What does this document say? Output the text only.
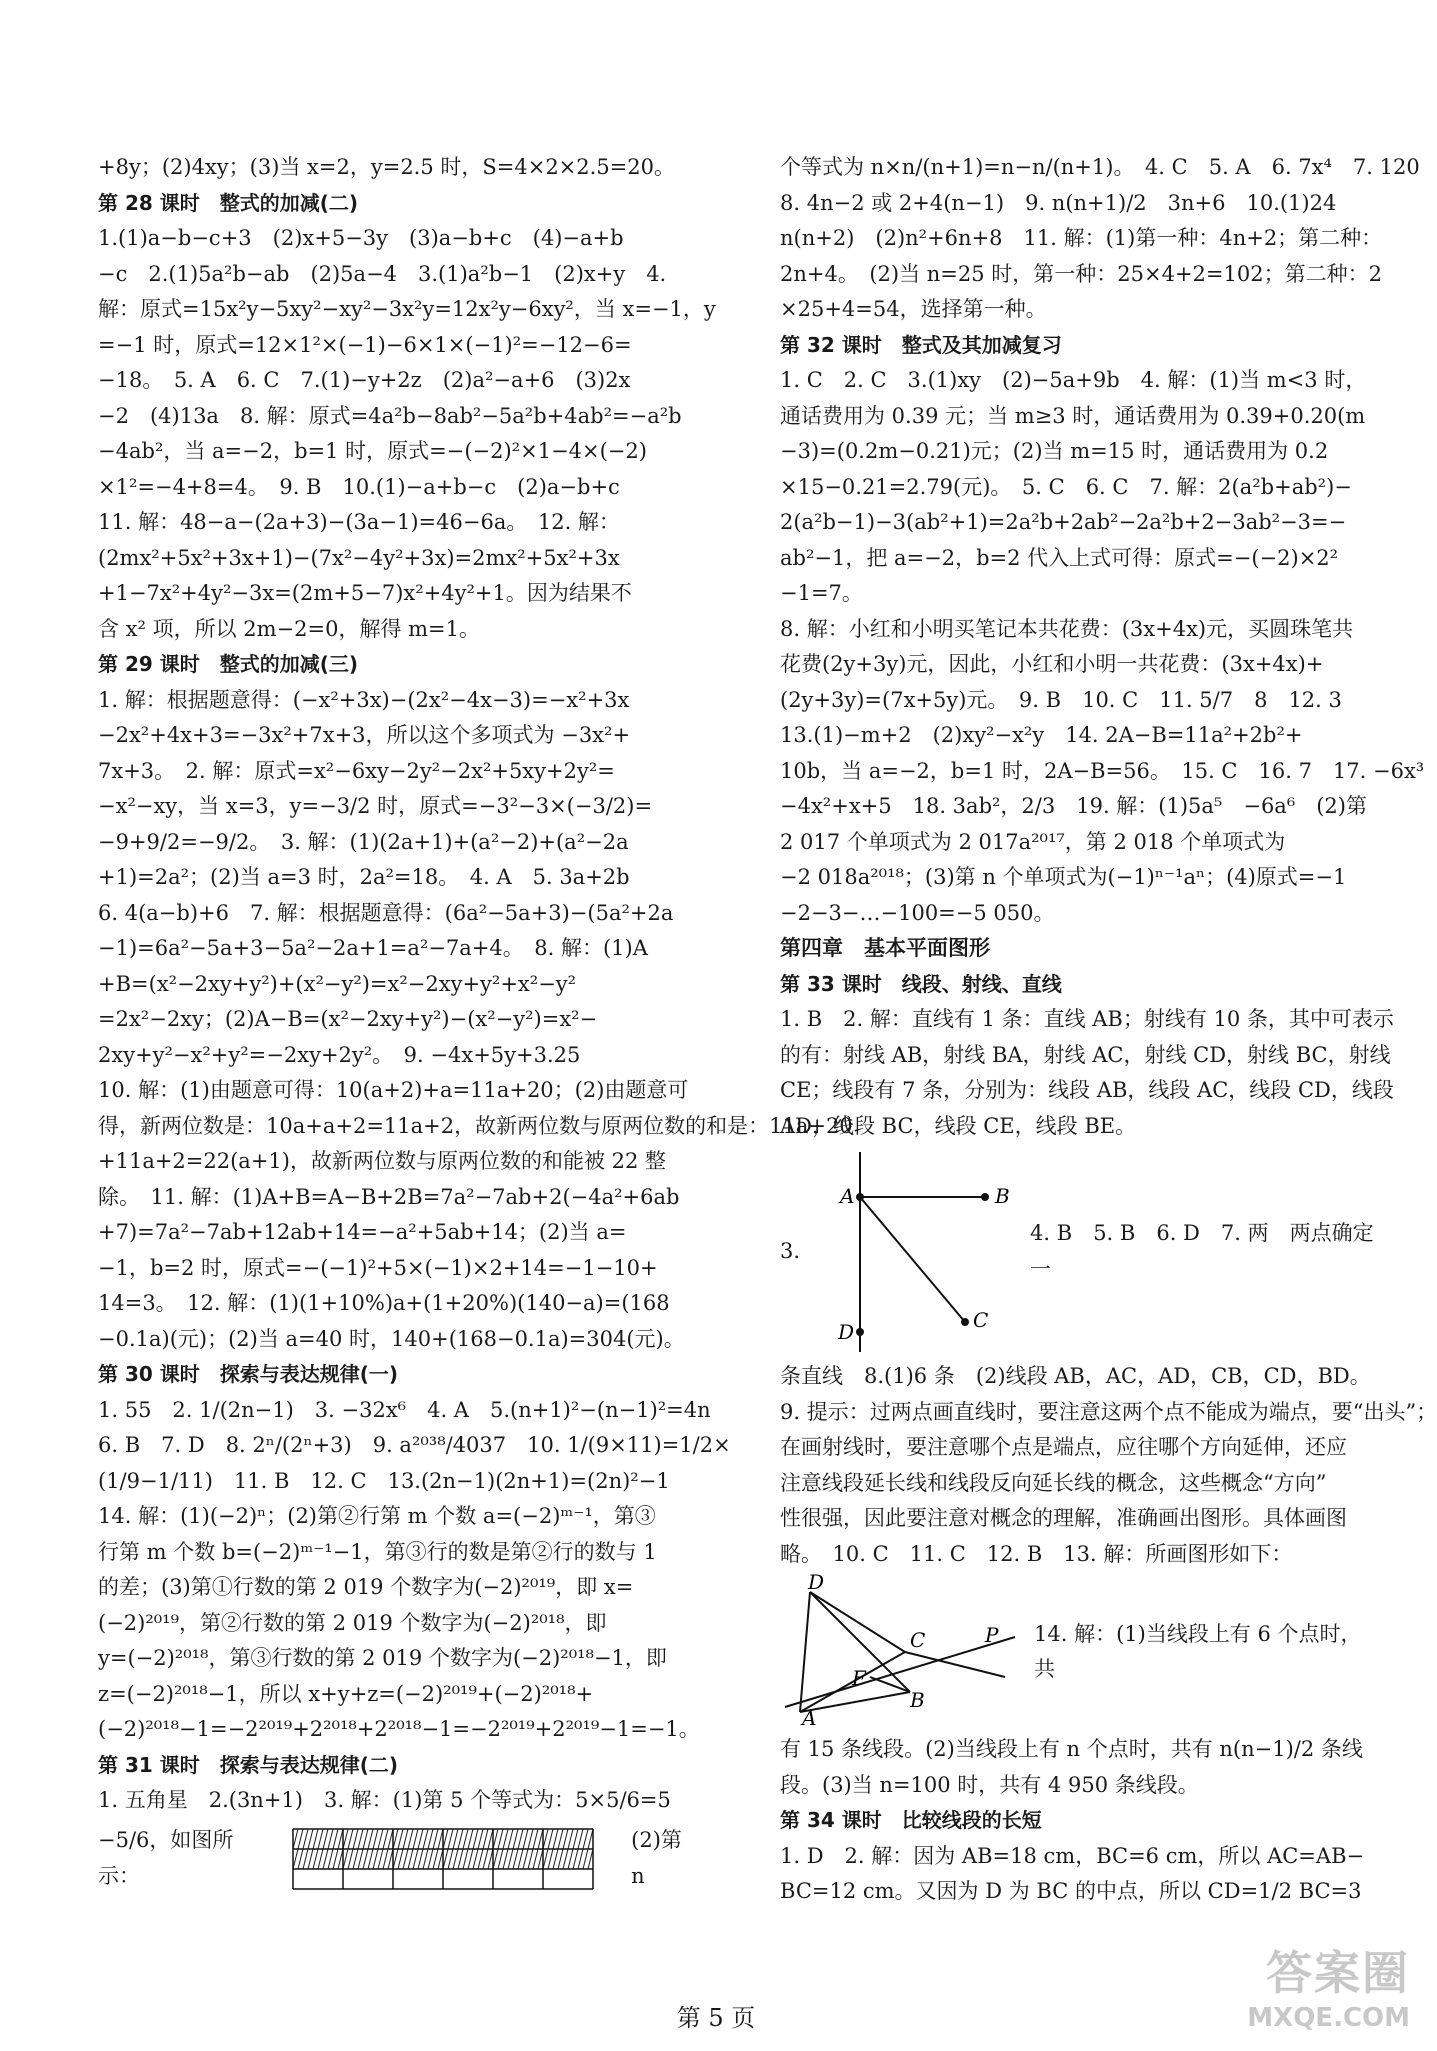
+8y；(2)4xy；(3)当 x=2，y=2.5 时，S=4×2×2.5=20。
第 28 课时　整式的加减(二)
1.(1)a−b−c+3　(2)x+5−3y　(3)a−b+c　(4)−a+b
−c　2.(1)5a²b−ab　(2)5a−4　3.(1)a²b−1　(2)x+y　4.
解：原式=15x²y−5xy²−xy²−3x²y=12x²y−6xy²，当 x=−1，y
=−1 时，原式=12×1²×(−1)−6×1×(−1)²=−12−6=
−18。　5. A　6. C　7.(1)−y+2z　(2)a²−a+6　(3)2x
−2　(4)13a　8. 解：原式=4a²b−8ab²−5a²b+4ab²=−a²b
−4ab²，当 a=−2，b=1 时，原式=−(−2)²×1−4×(−2)
×1²=−4+8=4。　9. B　10.(1)−a+b−c　(2)a−b+c
11. 解：48−a−(2a+3)−(3a−1)=46−6a。　12. 解：
(2mx²+5x²+3x+1)−(7x²−4y²+3x)=2mx²+5x²+3x
+1−7x²+4y²−3x=(2m+5−7)x²+4y²+1。因为结果不
含 x² 项，所以 2m−2=0，解得 m=1。
第 29 课时　整式的加减(三)
1. 解：根据题意得：(−x²+3x)−(2x²−4x−3)=−x²+3x
−2x²+4x+3=−3x²+7x+3，所以这个多项式为 −3x²+
7x+3。　2. 解：原式=x²−6xy−2y²−2x²+5xy+2y²=
−x²−xy，当 x=3，y=−3/2 时，原式=−3²−3×(−3/2)=
−9+9/2=−9/2。　3. 解：(1)(2a+1)+(a²−2)+(a²−2a
+1)=2a²；(2)当 a=3 时，2a²=18。　4. A　5. 3a+2b
6. 4(a−b)+6　7. 解：根据题意得：(6a²−5a+3)−(5a²+2a
−1)=6a²−5a+3−5a²−2a+1=a²−7a+4。　8. 解：(1)A
+B=(x²−2xy+y²)+(x²−y²)=x²−2xy+y²+x²−y²
=2x²−2xy；(2)A−B=(x²−2xy+y²)−(x²−y²)=x²−
2xy+y²−x²+y²=−2xy+2y²。　9. −4x+5y+3.25
10. 解：(1)由题意可得：10(a+2)+a=11a+20；(2)由题意可
得，新两位数是：10a+a+2=11a+2，故新两位数与原两位数的和是：11a+20
+11a+2=22(a+1)，故新两位数与原两位数的和能被 22 整
除。　11. 解：(1)A+B=A−B+2B=7a²−7ab+2(−4a²+6ab
+7)=7a²−7ab+12ab+14=−a²+5ab+14；(2)当 a=
−1，b=2 时，原式=−(−1)²+5×(−1)×2+14=−1−10+
14=3。　12. 解：(1)(1+10%)a+(1+20%)(140−a)=(168
−0.1a)(元)；(2)当 a=40 时，140+(168−0.1a)=304(元)。
第 30 课时　探索与表达规律(一)
1. 55　2. 1/(2n−1)　3. −32x⁶　4. A　5.(n+1)²−(n−1)²=4n
6. B　7. D　8. 2ⁿ/(2ⁿ+3)　9. a²⁰³⁸/4037　10. 1/(9×11)=1/2×
(1/9−1/11)　11. B　12. C　13.(2n−1)(2n+1)=(2n)²−1
14. 解：(1)(−2)ⁿ；(2)第②行第 m 个数 a=(−2)ᵐ⁻¹，第③
行第 m 个数 b=(−2)ᵐ⁻¹−1，第③行的数是第②行的数与 1
的差；(3)第①行数的第 2 019 个数字为(−2)²⁰¹⁹，即 x=
(−2)²⁰¹⁹，第②行数的第 2 019 个数字为(−2)²⁰¹⁸，即
y=(−2)²⁰¹⁸，第③行数的第 2 019 个数字为(−2)²⁰¹⁸−1，即
z=(−2)²⁰¹⁸−1，所以 x+y+z=(−2)²⁰¹⁹+(−2)²⁰¹⁸+
(−2)²⁰¹⁸−1=−2²⁰¹⁹+2²⁰¹⁸+2²⁰¹⁸−1=−2²⁰¹⁹+2²⁰¹⁹−1=−1。
第 31 课时　探索与表达规律(二)
1. 五角星　2.(3n+1)　3. 解：(1)第 5 个等式为：5×5/6=5
−5/6，如图所示：
(2)第 n
个等式为 n×n/(n+1)=n−n/(n+1)。　4. C　5. A　6. 7x⁴　7. 120
8. 4n−2 或 2+4(n−1)　9. n(n+1)/2　3n+6　10.(1)24
n(n+2)　(2)n²+6n+8　11. 解：(1)第一种：4n+2；第二种：
2n+4。　(2)当 n=25 时，第一种：25×4+2=102；第二种：2
×25+4=54，选择第一种。
第 32 课时　整式及其加减复习
1. C　2. C　3.(1)xy　(2)−5a+9b　4. 解：(1)当 m<3 时，
通话费用为 0.39 元；当 m≥3 时，通话费用为 0.39+0.20(m
−3)=(0.2m−0.21)元；(2)当 m=15 时，通话费用为 0.2
×15−0.21=2.79(元)。　5. C　6. C　7. 解：2(a²b+ab²)−
2(a²b−1)−3(ab²+1)=2a²b+2ab²−2a²b+2−3ab²−3=−
ab²−1，把 a=−2，b=2 代入上式可得：原式=−(−2)×2²
−1=7。
8. 解：小红和小明买笔记本共花费：(3x+4x)元，买圆珠笔共
花费(2y+3y)元，因此，小红和小明一共花费：(3x+4x)+
(2y+3y)=(7x+5y)元。　9. B　10. C　11. 5/7　8　12. 3
13.(1)−m+2　(2)xy²−x²y　14. 2A−B=11a²+2b²+
10b，当 a=−2，b=1 时，2A−B=56。　15. C　16. 7　17. −6x³
−4x²+x+5　18. 3ab²，2/3　19. 解：(1)5a⁵　−6a⁶　(2)第
2 017 个单项式为 2 017a²⁰¹⁷，第 2 018 个单项式为
−2 018a²⁰¹⁸；(3)第 n 个单项式为(−1)ⁿ⁻¹aⁿ；(4)原式=−1
−2−3−…−100=−5 050。
第四章　基本平面图形
第 33 课时　线段、射线、直线
1. B　2. 解：直线有 1 条：直线 AB；射线有 10 条，其中可表示
的有：射线 AB，射线 BA，射线 AC，射线 CD，射线 BC，射线
CE；线段有 7 条，分别为：线段 AB，线段 AC，线段 CD，线段
AD，线段 BC，线段 CE，线段 BE。
3.
A	B
C
D
4. B　5. B　6. D　7. 两　两点确定一
条直线　8.(1)6 条　(2)线段 AB，AC，AD，CB，CD，BD。
9. 提示：过两点画直线时，要注意这两个点不能成为端点，要“出头”；
在画射线时，要注意哪个点是端点，应往哪个方向延伸，还应
注意线段延长线和线段反向延长线的概念，这些概念“方向”
性很强，因此要注意对概念的理解，准确画出图形。具体画图
略。　10. C　11. C　12. B　13. 解：所画图形如下：
D
C
F
P
A
B
14. 解：(1)当线段上有 6 个点时，共
有 15 条线段。(2)当线段上有 n 个点时，共有 n(n−1)/2 条线
段。(3)当 n=100 时，共有 4 950 条线段。
第 34 课时　比较线段的长短
1. D　2. 解：因为 AB=18 cm，BC=6 cm，所以 AC=AB−
BC=12 cm。又因为 D 为 BC 的中点，所以 CD=1/2 BC=3
第 5 页
答案圈
MXQE.COM
